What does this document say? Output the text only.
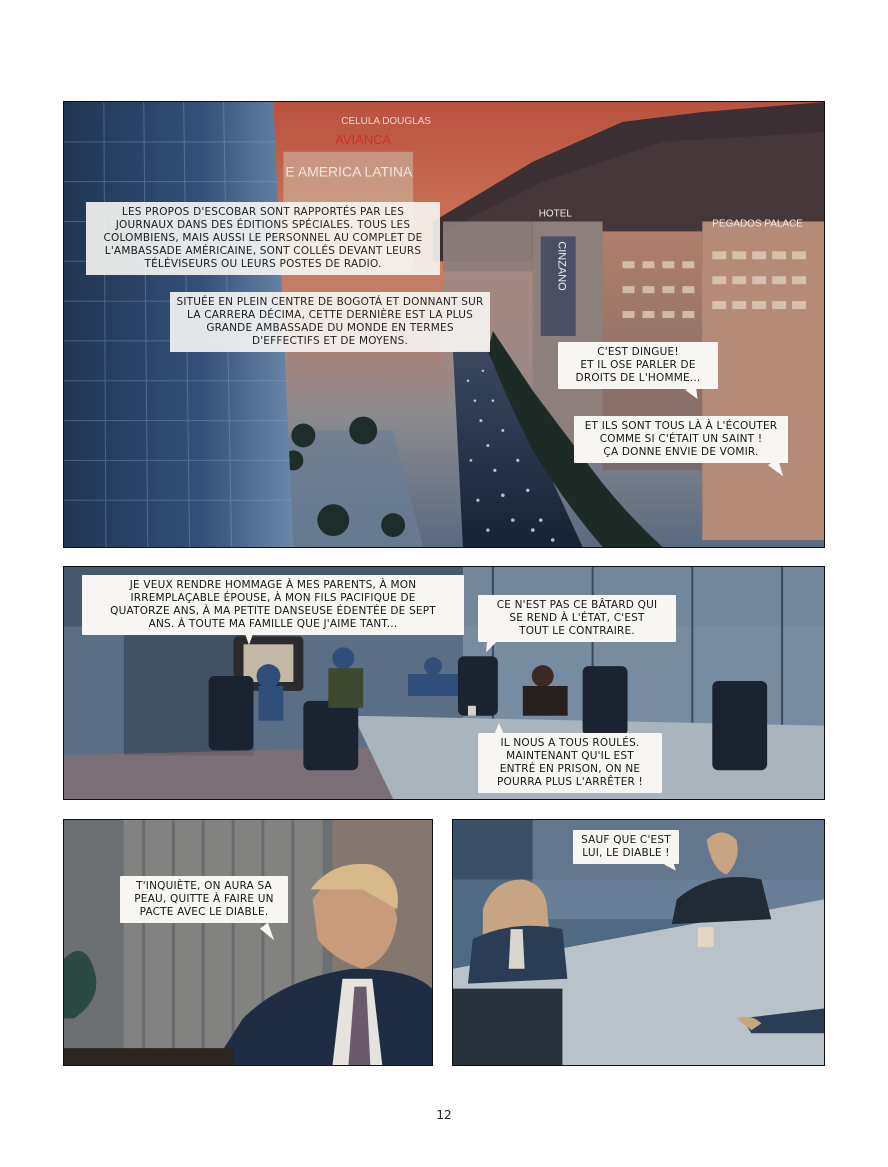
CELULA DOUGLAS
AVIANCA
E AMERICA LATINA
HOTEL
CINZANO
PEGADOS PALACE
LES PROPOS D'ESCOBAR SONT RAPPORTÉS PAR LES JOURNAUX DANS DES ÉDITIONS SPÉCIALES. TOUS LES COLOMBIENS, MAIS AUSSI LE PERSONNEL AU COMPLET DE L'AMBASSADE AMÉRICAINE, SONT COLLÉS DEVANT LEURS TÉLÉVISEURS OU LEURS POSTES DE RADIO.
SITUÉE EN PLEIN CENTRE DE BOGOTÁ ET DONNANT SUR LA CARRERA DÉCIMA, CETTE DERNIÈRE EST LA PLUS GRANDE AMBASSADE DU MONDE EN TERMES D'EFFECTIFS ET DE MOYENS.
C'EST DINGUE!
ET IL OSE PARLER DE
DROITS DE L'HOMME...
ET ILS SONT TOUS LÀ À L'ÉCOUTER
COMME SI C'ÉTAIT UN SAINT !
ÇA DONNE ENVIE DE VOMIR.
JE VEUX RENDRE HOMMAGE À MES PARENTS, À MON
IRREMPLAÇABLE ÉPOUSE, À MON FILS PACIFIQUE DE
QUATORZE ANS, À MA PETITE DANSEUSE ÉDENTÉE DE SEPT
ANS. À TOUTE MA FAMILLE QUE J'AIME TANT...
CE N'EST PAS CE BÂTARD QUI
SE REND À L'ÉTAT, C'EST
TOUT LE CONTRAIRE.
IL NOUS A TOUS ROULÉS.
MAINTENANT QU'IL EST
ENTRÉ EN PRISON, ON NE
POURRA PLUS L'ARRÊTER !
T'INQUIÈTE, ON AURA SA
PEAU, QUITTE À FAIRE UN
PACTE AVEC LE DIABLE.
SAUF QUE C'EST
LUI, LE DIABLE !
12
